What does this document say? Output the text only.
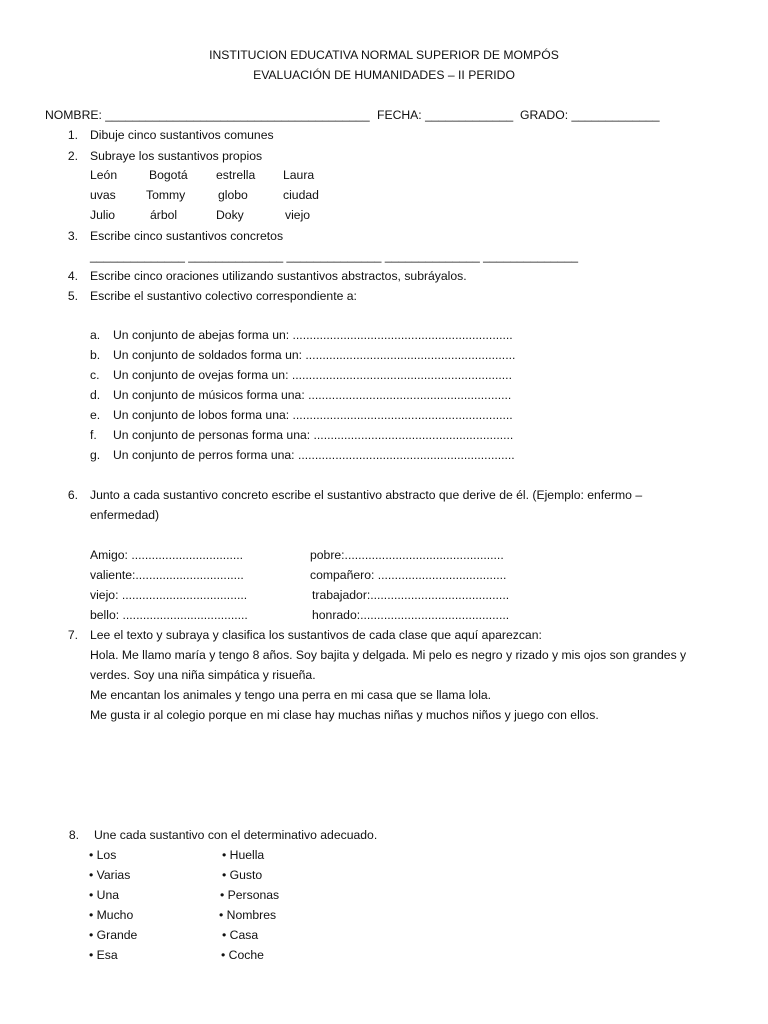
INSTITUCION EDUCATIVA NORMAL SUPERIOR DE MOMPÓS
EVALUACIÓN DE HUMANIDADES – II PERIDO
NOMBRE: _______________________________________ FECHA: _____________ GRADO: _____________
1. Dibuje cinco sustantivos comunes
2. Subraye los sustantivos propios
León	Bogotá estrella Laura
uvas Tommy	globo	ciudad
Julio	árbol	Doky	viejo
3. Escribe cinco sustantivos concretos
______________ ______________ ______________ ______________ ______________
4. Escribe cinco oraciones utilizando sustantivos abstractos, subráyalos.
5. Escribe el sustantivo colectivo correspondiente a:
a. Un conjunto de abejas forma un: .................................................................
b. Un conjunto de soldados forma un: ..............................................................
c. Un conjunto de ovejas forma un: .................................................................
d. Un conjunto de músicos forma una: ............................................................
e. Un conjunto de lobos forma una: .................................................................
f. Un conjunto de personas forma una: ...........................................................
g. Un conjunto de perros forma una: ................................................................
6. Junto a cada sustantivo concreto escribe el sustantivo abstracto que derive de él. (Ejemplo: enfermo –
enfermedad)
Amigo: .................................	pobre:...............................................
valiente:................................	compañero: ......................................
viejo: .....................................	trabajador:.........................................
bello: .....................................	honrado:............................................
7. Lee el texto y subraya y clasifica los sustantivos de cada clase que aquí aparezcan:
Hola. Me llamo maría y tengo 8 años. Soy bajita y delgada. Mi pelo es negro y rizado y mis ojos son grandes y
verdes. Soy una niña simpática y risueña.
Me encantan los animales y tengo una perra en mi casa que se llama lola.
Me gusta ir al colegio porque en mi clase hay muchas niñas y muchos niños y juego con ellos.
8. Une cada sustantivo con el determinativo adecuado.
• Los	• Huella
• Varias	• Gusto
• Una	• Personas
• Mucho	• Nombres
• Grande	• Casa
• Esa	• Coche
